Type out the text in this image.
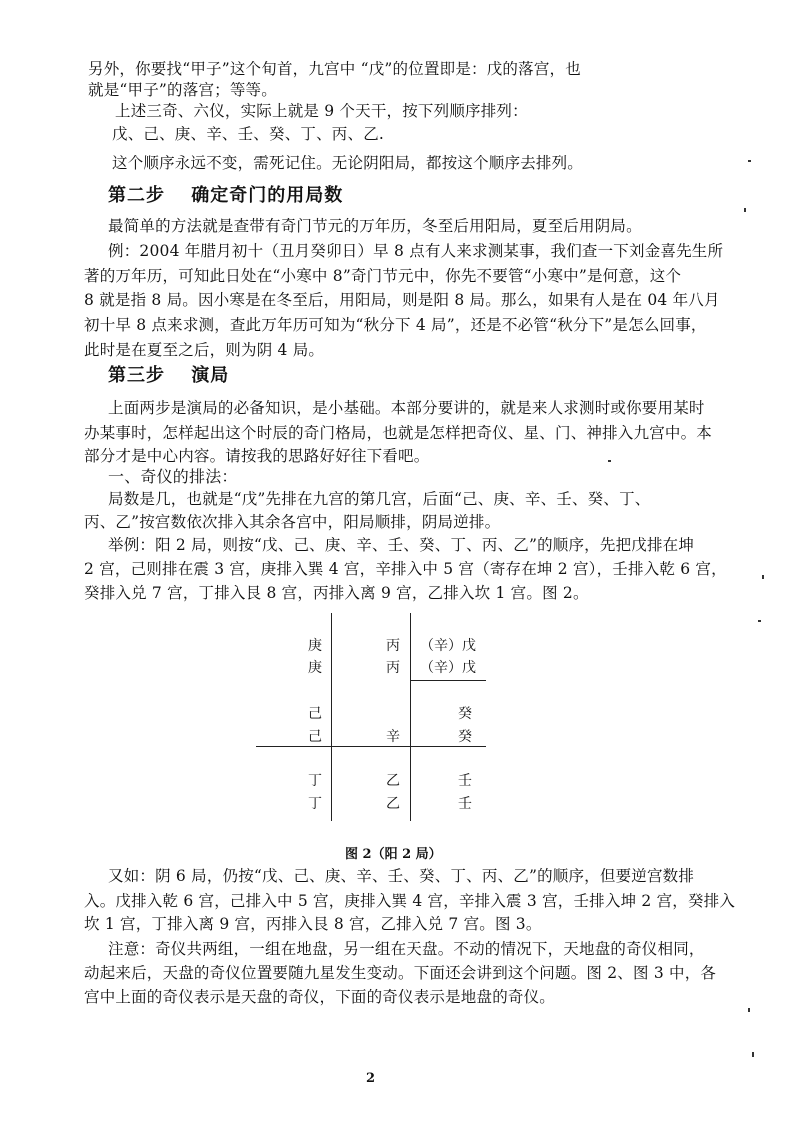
另外，你要找“甲子”这个旬首，九宫中 “戊”的位置即是：戊的落宫，也
就是“甲子”的落宫；等等。
上述三奇、六仪，实际上就是 9 个天干，按下列顺序排列：
戊、己、庚、辛、壬、癸、丁、丙、乙.
这个顺序永远不变，需死记住。无论阴阳局，都按这个顺序去排列。
第二步　 确定奇门的用局数
最简单的方法就是查带有奇门节元的万年历，冬至后用阳局，夏至后用阴局。
例：2004 年腊月初十（丑月癸卯日）早 8 点有人来求测某事，我们查一下刘金喜先生所
著的万年历，可知此日处在“小寒中 8”奇门节元中，你先不要管“小寒中”是何意，这个
8 就是指 8 局。因小寒是在冬至后，用阳局，则是阳 8 局。那么，如果有人是在 04 年八月
初十早 8 点来求测，查此万年历可知为“秋分下 4 局”，还是不必管“秋分下”是怎么回事，
此时是在夏至之后，则为阴 4 局。
第三步　 演局
上面两步是演局的必备知识，是小基础。本部分要讲的，就是来人求测时或你要用某时
办某事时，怎样起出这个时辰的奇门格局，也就是怎样把奇仪、星、门、神排入九宫中。本
部分才是中心内容。请按我的思路好好往下看吧。
一、奇仪的排法：
局数是几，也就是“戊”先排在九宫的第几宫，后面“己、庚、辛、壬、癸、丁、
丙、乙”按宫数依次排入其余各宫中，阳局顺排，阴局逆排。
举例：阳 2 局，则按“戊、己、庚、辛、壬、癸、丁、丙、乙”的顺序，先把戊排在坤
2 宫，己则排在震 3 宫，庚排入巽 4 宫，辛排入中 5 宫（寄存在坤 2 宫），壬排入乾 6 宫，
癸排入兑 7 宫，丁排入艮 8 宫，丙排入离 9 宫，乙排入坎 1 宫。图 2。
庚
庚
丙
丙
（辛）戊
（辛）戊
己
己	辛
癸
癸
丁
丁
乙
乙
壬
壬
图 2（阳 2 局）
又如：阴 6 局，仍按“戊、己、庚、辛、壬、癸、丁、丙、乙”的顺序，但要逆宫数排
入。戊排入乾 6 宫，己排入中 5 宫，庚排入巽 4 宫，辛排入震 3 宫，壬排入坤 2 宫，癸排入
坎 1 宫，丁排入离 9 宫，丙排入艮 8 宫，乙排入兑 7 宫。图 3。
注意：奇仪共两组，一组在地盘，另一组在天盘。不动的情况下，天地盘的奇仪相同，
动起来后，天盘的奇仪位置要随九星发生变动。下面还会讲到这个问题。图 2、图 3 中，各
宫中上面的奇仪表示是天盘的奇仪，下面的奇仪表示是地盘的奇仪。
2
